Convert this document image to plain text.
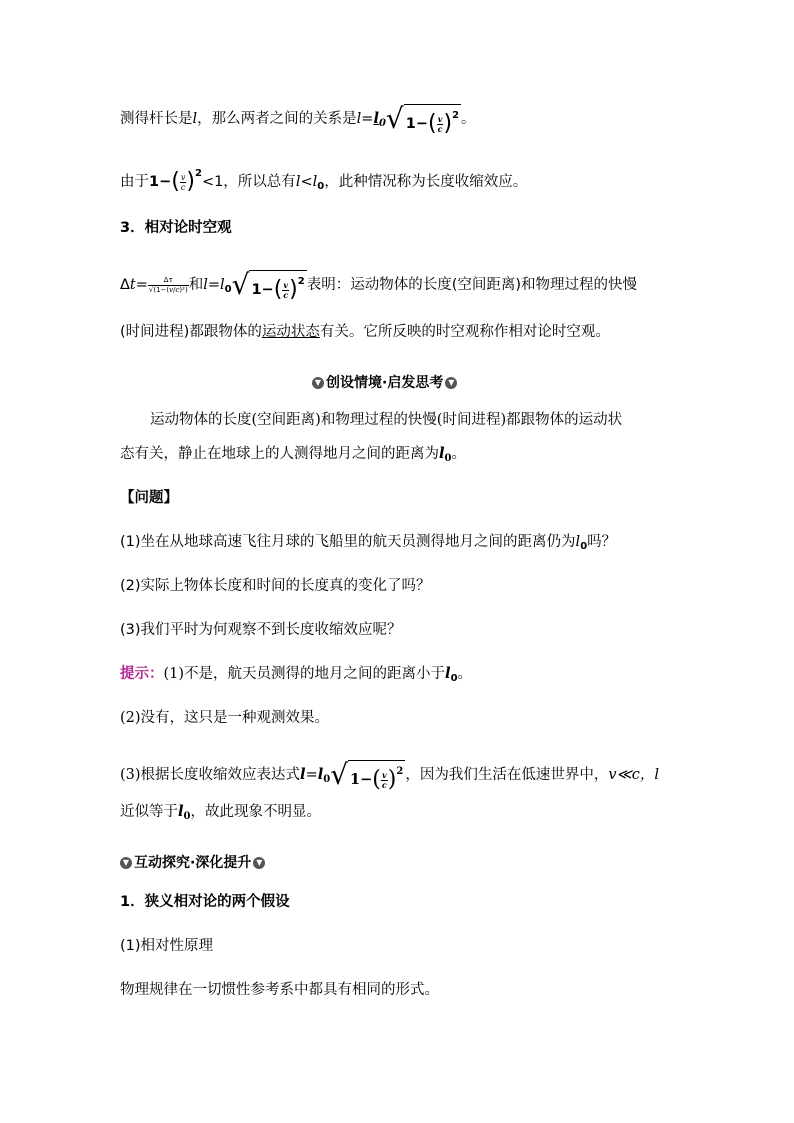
测得杆长是l，那么两者之间的关系是$l=l_0√$ $1-( \frac{v}{c} )^2$ 。
由于$1-( \frac{v}{c} )^2<1$，所以总有$l<l_0$，此种情况称为长度收缩效应。
3．相对论时空观
$\Delta t= \frac{\Delta\tau}{\text{√(1−(v/c)²)}}$ 和$l=l_0√$ $1-( \frac{v}{c} )^2$ 表明：运动物体的长度(空间距离)和物理过程的快慢
(时间进程)都跟物体的运动状态有关。它所反映的时空观称作相对论时空观。
▼ 创设情境·启发思考 ▼
运动物体的长度(空间距离)和物理过程的快慢(时间进程)都跟物体的运动状
态有关，静止在地球上的人测得地月之间的距离为$l_0$。
【问题】
(1)坐在从地球高速飞往月球的飞船里的航天员测得地月之间的距离仍为$l_0$吗？
(2)实际上物体长度和时间的长度真的变化了吗？
(3)我们平时为何观察不到长度收缩效应呢？
提示：(1)不是，航天员测得的地月之间的距离小于$l_0$。
(2)没有，这只是一种观测效果。
(3)根据长度收缩效应表达式$l=l_0√$ $1-( \frac{v}{c} )^2$ ，因为我们生活在低速世界中，v≪c，l
近似等于$l_0$，故此现象不明显。
▼ 互动探究·深化提升 ▼
1．狭义相对论的两个假设
(1)相对性原理
物理规律在一切惯性参考系中都具有相同的形式。
